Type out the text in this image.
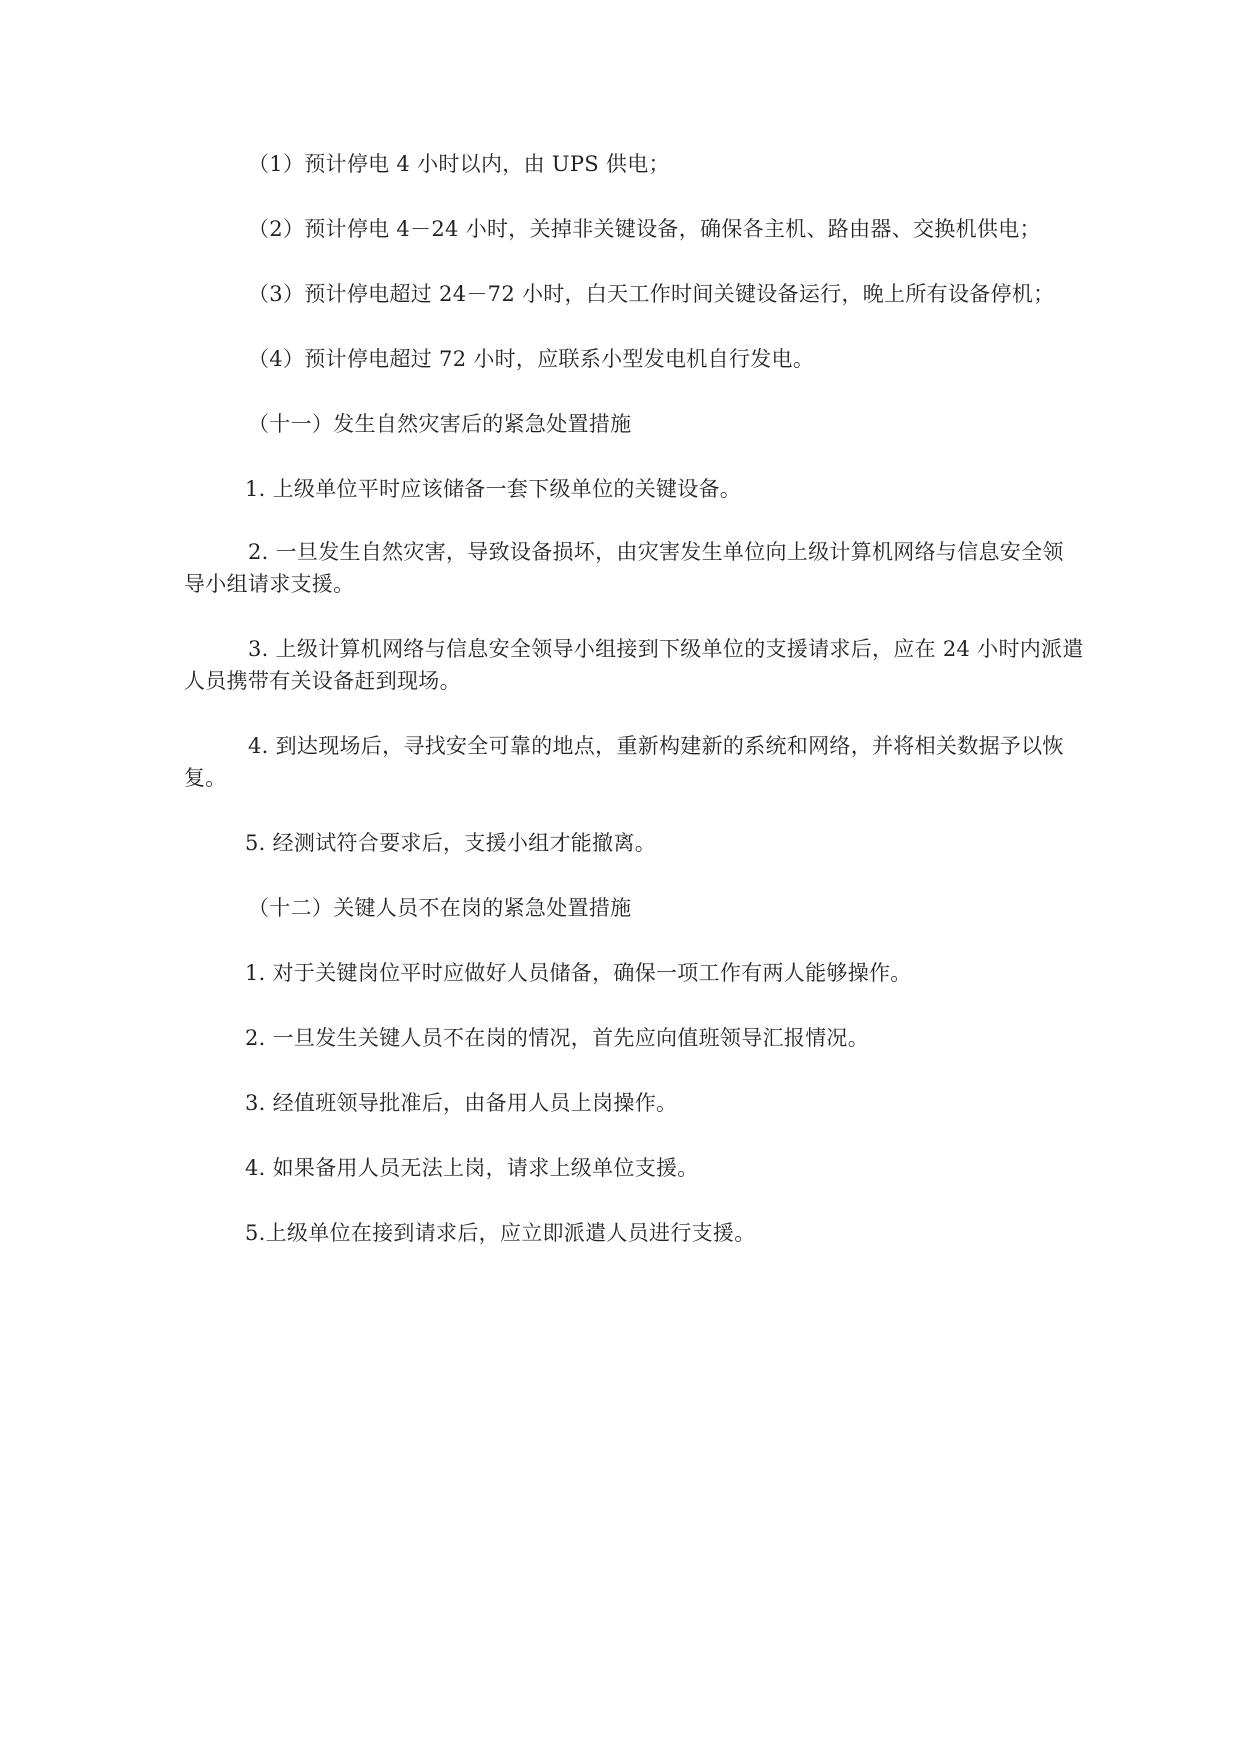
（1）预计停电 4 小时以内，由 UPS 供电；

（2）预计停电 4－24 小时，关掉非关键设备，确保各主机、路由器、交换机供电；

（3）预计停电超过 24－72 小时，白天工作时间关键设备运行，晚上所有设备停机；

（4）预计停电超过 72 小时，应联系小型发电机自行发电。

（十一）发生自然灾害后的紧急处置措施

1. 上级单位平时应该储备一套下级单位的关键设备。

2. 一旦发生自然灾害，导致设备损坏，由灾害发生单位向上级计算机网络与信息安全领导小组请求支援。

3. 上级计算机网络与信息安全领导小组接到下级单位的支援请求后，应在 24 小时内派遣人员携带有关设备赶到现场。

4. 到达现场后，寻找安全可靠的地点，重新构建新的系统和网络，并将相关数据予以恢复。

5. 经测试符合要求后，支援小组才能撤离。

（十二）关键人员不在岗的紧急处置措施

1. 对于关键岗位平时应做好人员储备，确保一项工作有两人能够操作。

2. 一旦发生关键人员不在岗的情况，首先应向值班领导汇报情况。

3. 经值班领导批准后，由备用人员上岗操作。

4. 如果备用人员无法上岗，请求上级单位支援。

5.上级单位在接到请求后，应立即派遣人员进行支援。
